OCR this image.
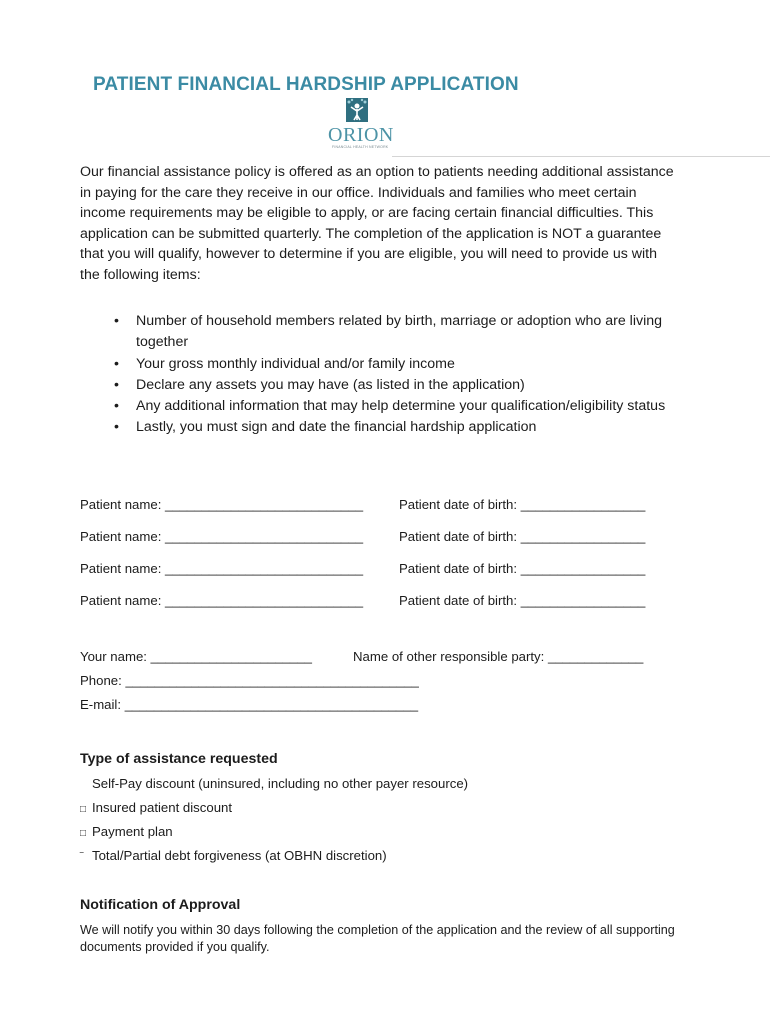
PATIENT FINANCIAL HARDSHIP APPLICATION
ORION
FINANCIAL HEALTH NETWORK

Our financial assistance policy is offered as an option to patients needing additional assistance in paying for the care they receive in our office. Individuals and families who meet certain income requirements may be eligible to apply, or are facing certain financial difficulties. This application can be submitted quarterly. The completion of the application is NOT a guarantee that you will qualify, however to determine if you are eligible, you will need to provide us with the following items:

• Number of household members related by birth, marriage or adoption who are living together
• Your gross monthly individual and/or family income
• Declare any assets you may have (as listed in the application)
• Any additional information that may help determine your qualification/eligibility status
• Lastly, you must sign and date the financial hardship application
Patient name: ___________________________	Patient date of birth: _________________
Patient name: ___________________________	Patient date of birth: _________________
Patient name: ___________________________	Patient date of birth: _________________
Patient name: ___________________________	Patient date of birth: _________________
Your name: ______________________	Name of other responsible party: _____________
Phone: ________________________________________
E-mail: ________________________________________
Type of assistance requested
Self-Pay discount (uninsured, including no other payer resource)
□ Insured patient discount
□ Payment plan
‾ Total/Partial debt forgiveness (at OBHN discretion)
Notification of Approval

We will notify you within 30 days following the completion of the application and the review of all supporting documents provided if you qualify.
